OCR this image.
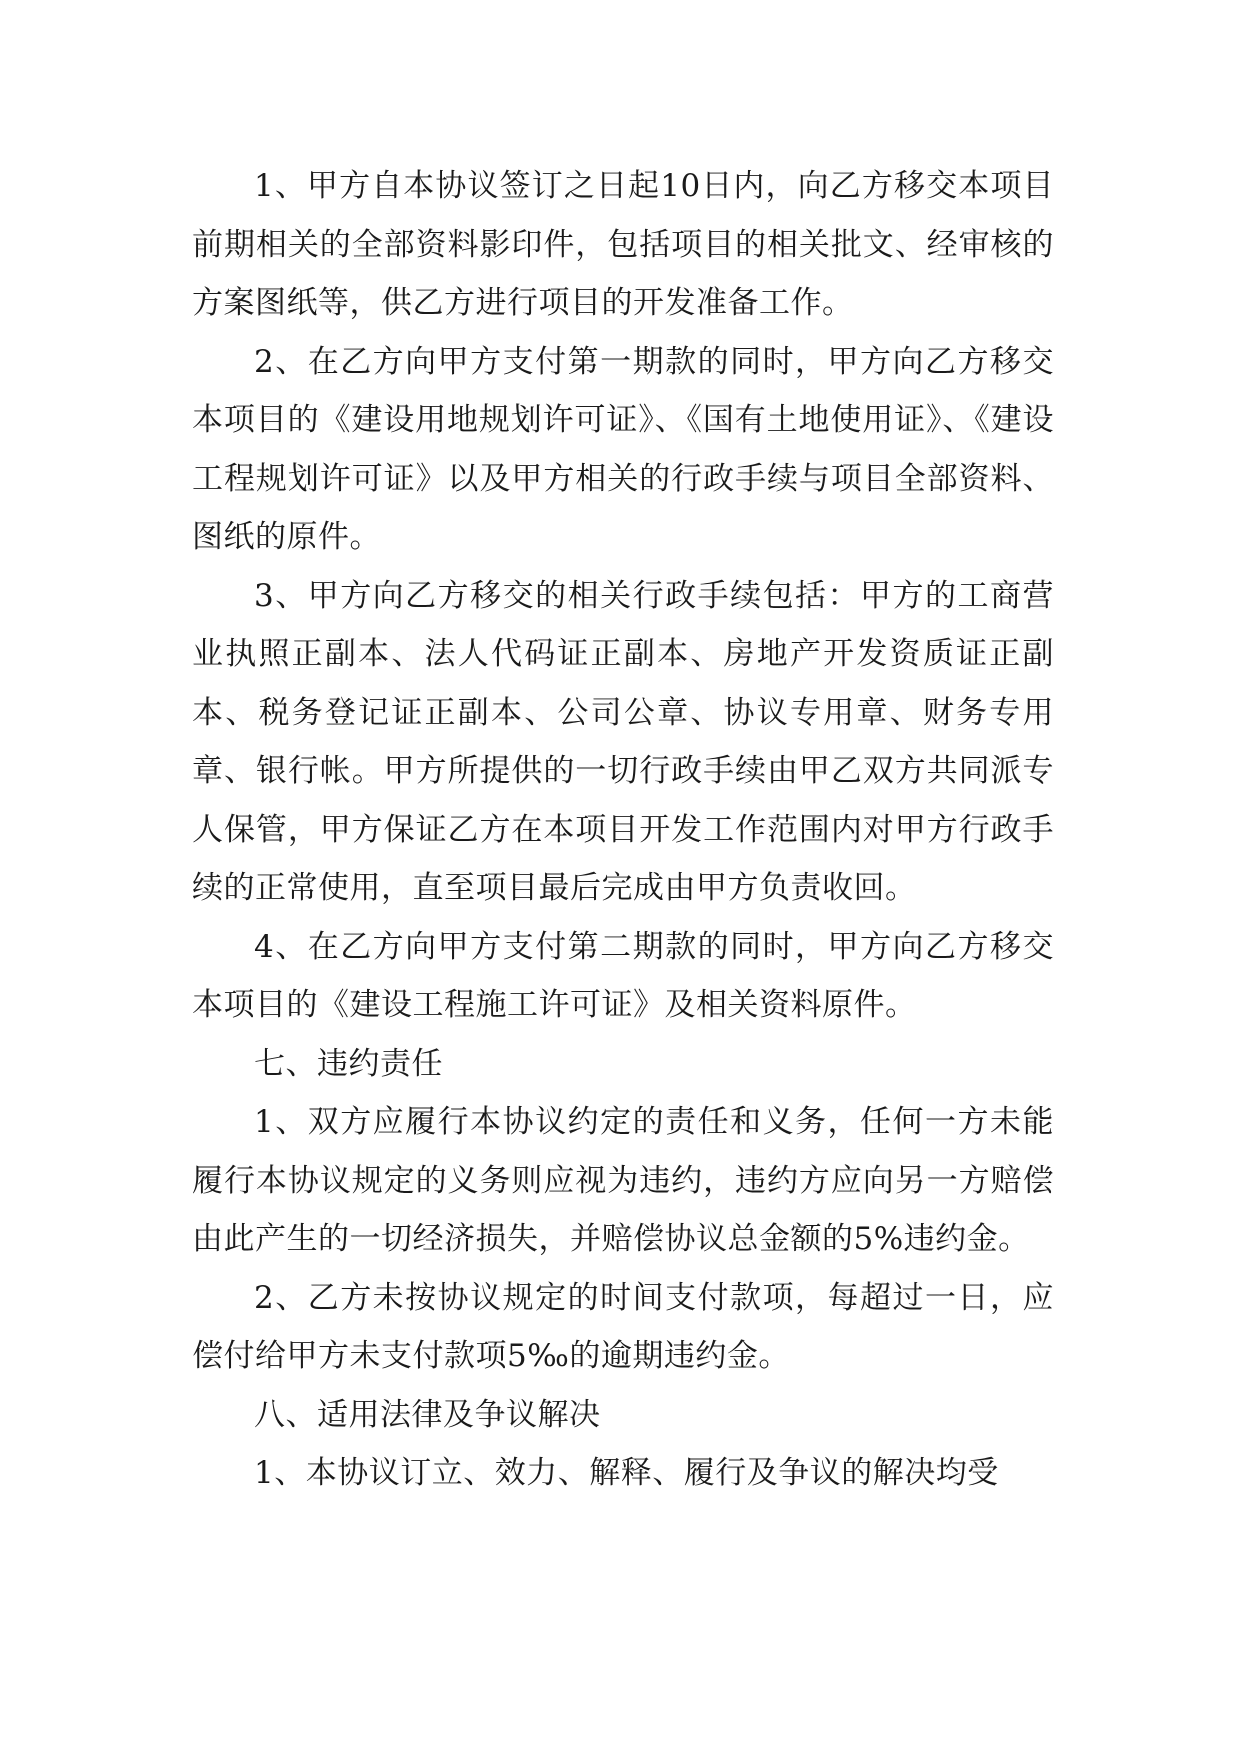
1、甲方自本协议签订之日起10日内，向乙方移交本项目前期相关的全部资料影印件，包括项目的相关批文、经审核的方案图纸等，供乙方进行项目的开发准备工作。

2、在乙方向甲方支付第一期款的同时，甲方向乙方移交本项目的《建设用地规划许可证》、《国有土地使用证》、《建设工程规划许可证》以及甲方相关的行政手续与项目全部资料、图纸的原件。

3、甲方向乙方移交的相关行政手续包括：甲方的工商营业执照正副本、法人代码证正副本、房地产开发资质证正副本、税务登记证正副本、公司公章、协议专用章、财务专用章、银行帐。甲方所提供的一切行政手续由甲乙双方共同派专人保管，甲方保证乙方在本项目开发工作范围内对甲方行政手续的正常使用，直至项目最后完成由甲方负责收回。

4、在乙方向甲方支付第二期款的同时，甲方向乙方移交本项目的《建设工程施工许可证》及相关资料原件。

七、违约责任

1、双方应履行本协议约定的责任和义务，任何一方未能履行本协议规定的义务则应视为违约，违约方应向另一方赔偿由此产生的一切经济损失，并赔偿协议总金额的5%违约金。

2、乙方未按协议规定的时间支付款项，每超过一日，应偿付给甲方未支付款项5‰的逾期违约金。

八、适用法律及争议解决

1、本协议订立、效力、解释、履行及争议的解决均受
